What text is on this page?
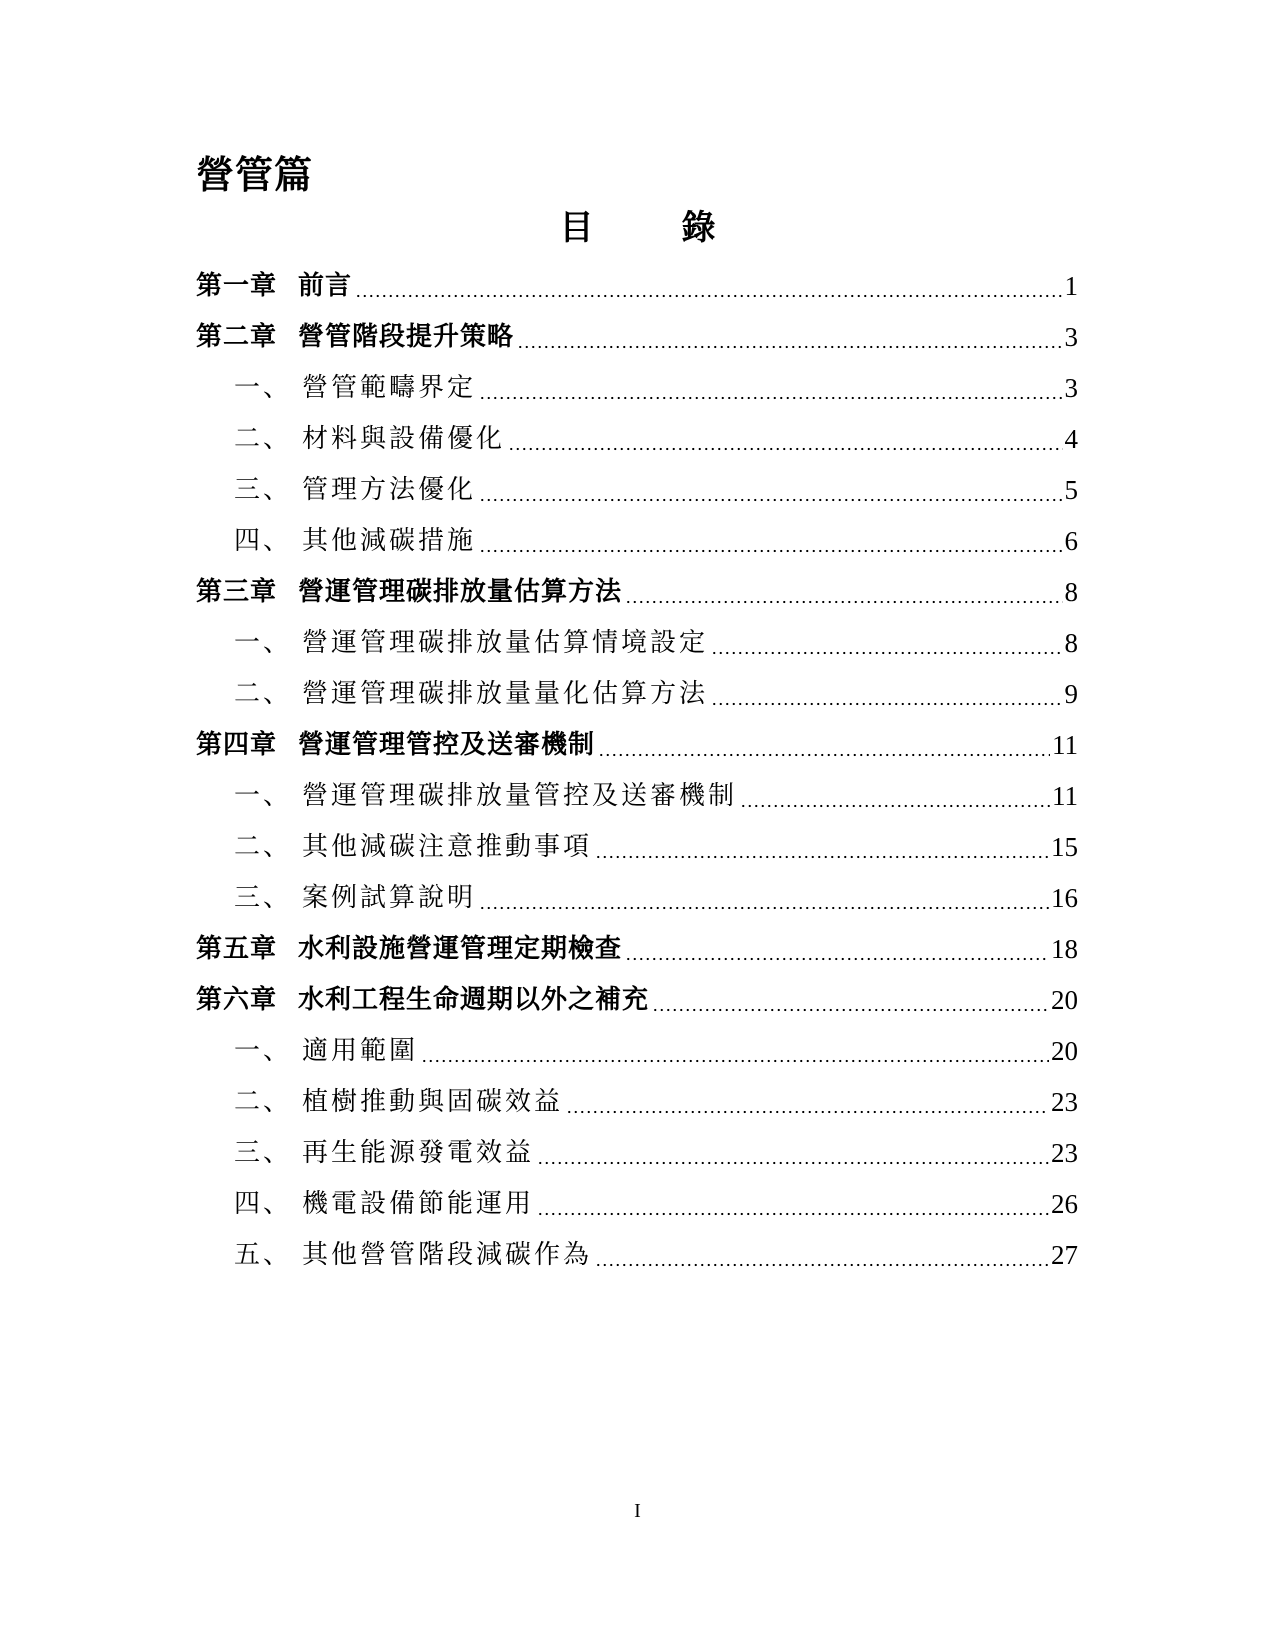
營管篇
目	錄
第一章 前言	1
第二章 營管階段提升策略	3
一、 營管範疇界定	3
二、 材料與設備優化	4
三、 管理方法優化	5
四、 其他減碳措施	6
第三章 營運管理碳排放量估算方法	8
一、 營運管理碳排放量估算情境設定	8
二、 營運管理碳排放量量化估算方法	9
第四章 營運管理管控及送審機制	11
一、 營運管理碳排放量管控及送審機制	11
二、 其他減碳注意推動事項	15
三、 案例試算說明	16
第五章 水利設施營運管理定期檢查	18
第六章 水利工程生命週期以外之補充	20
一、 適用範圍	20
二、 植樹推動與固碳效益	23
三、 再生能源發電效益	23
四、 機電設備節能運用	26
五、 其他營管階段減碳作為	27
I
